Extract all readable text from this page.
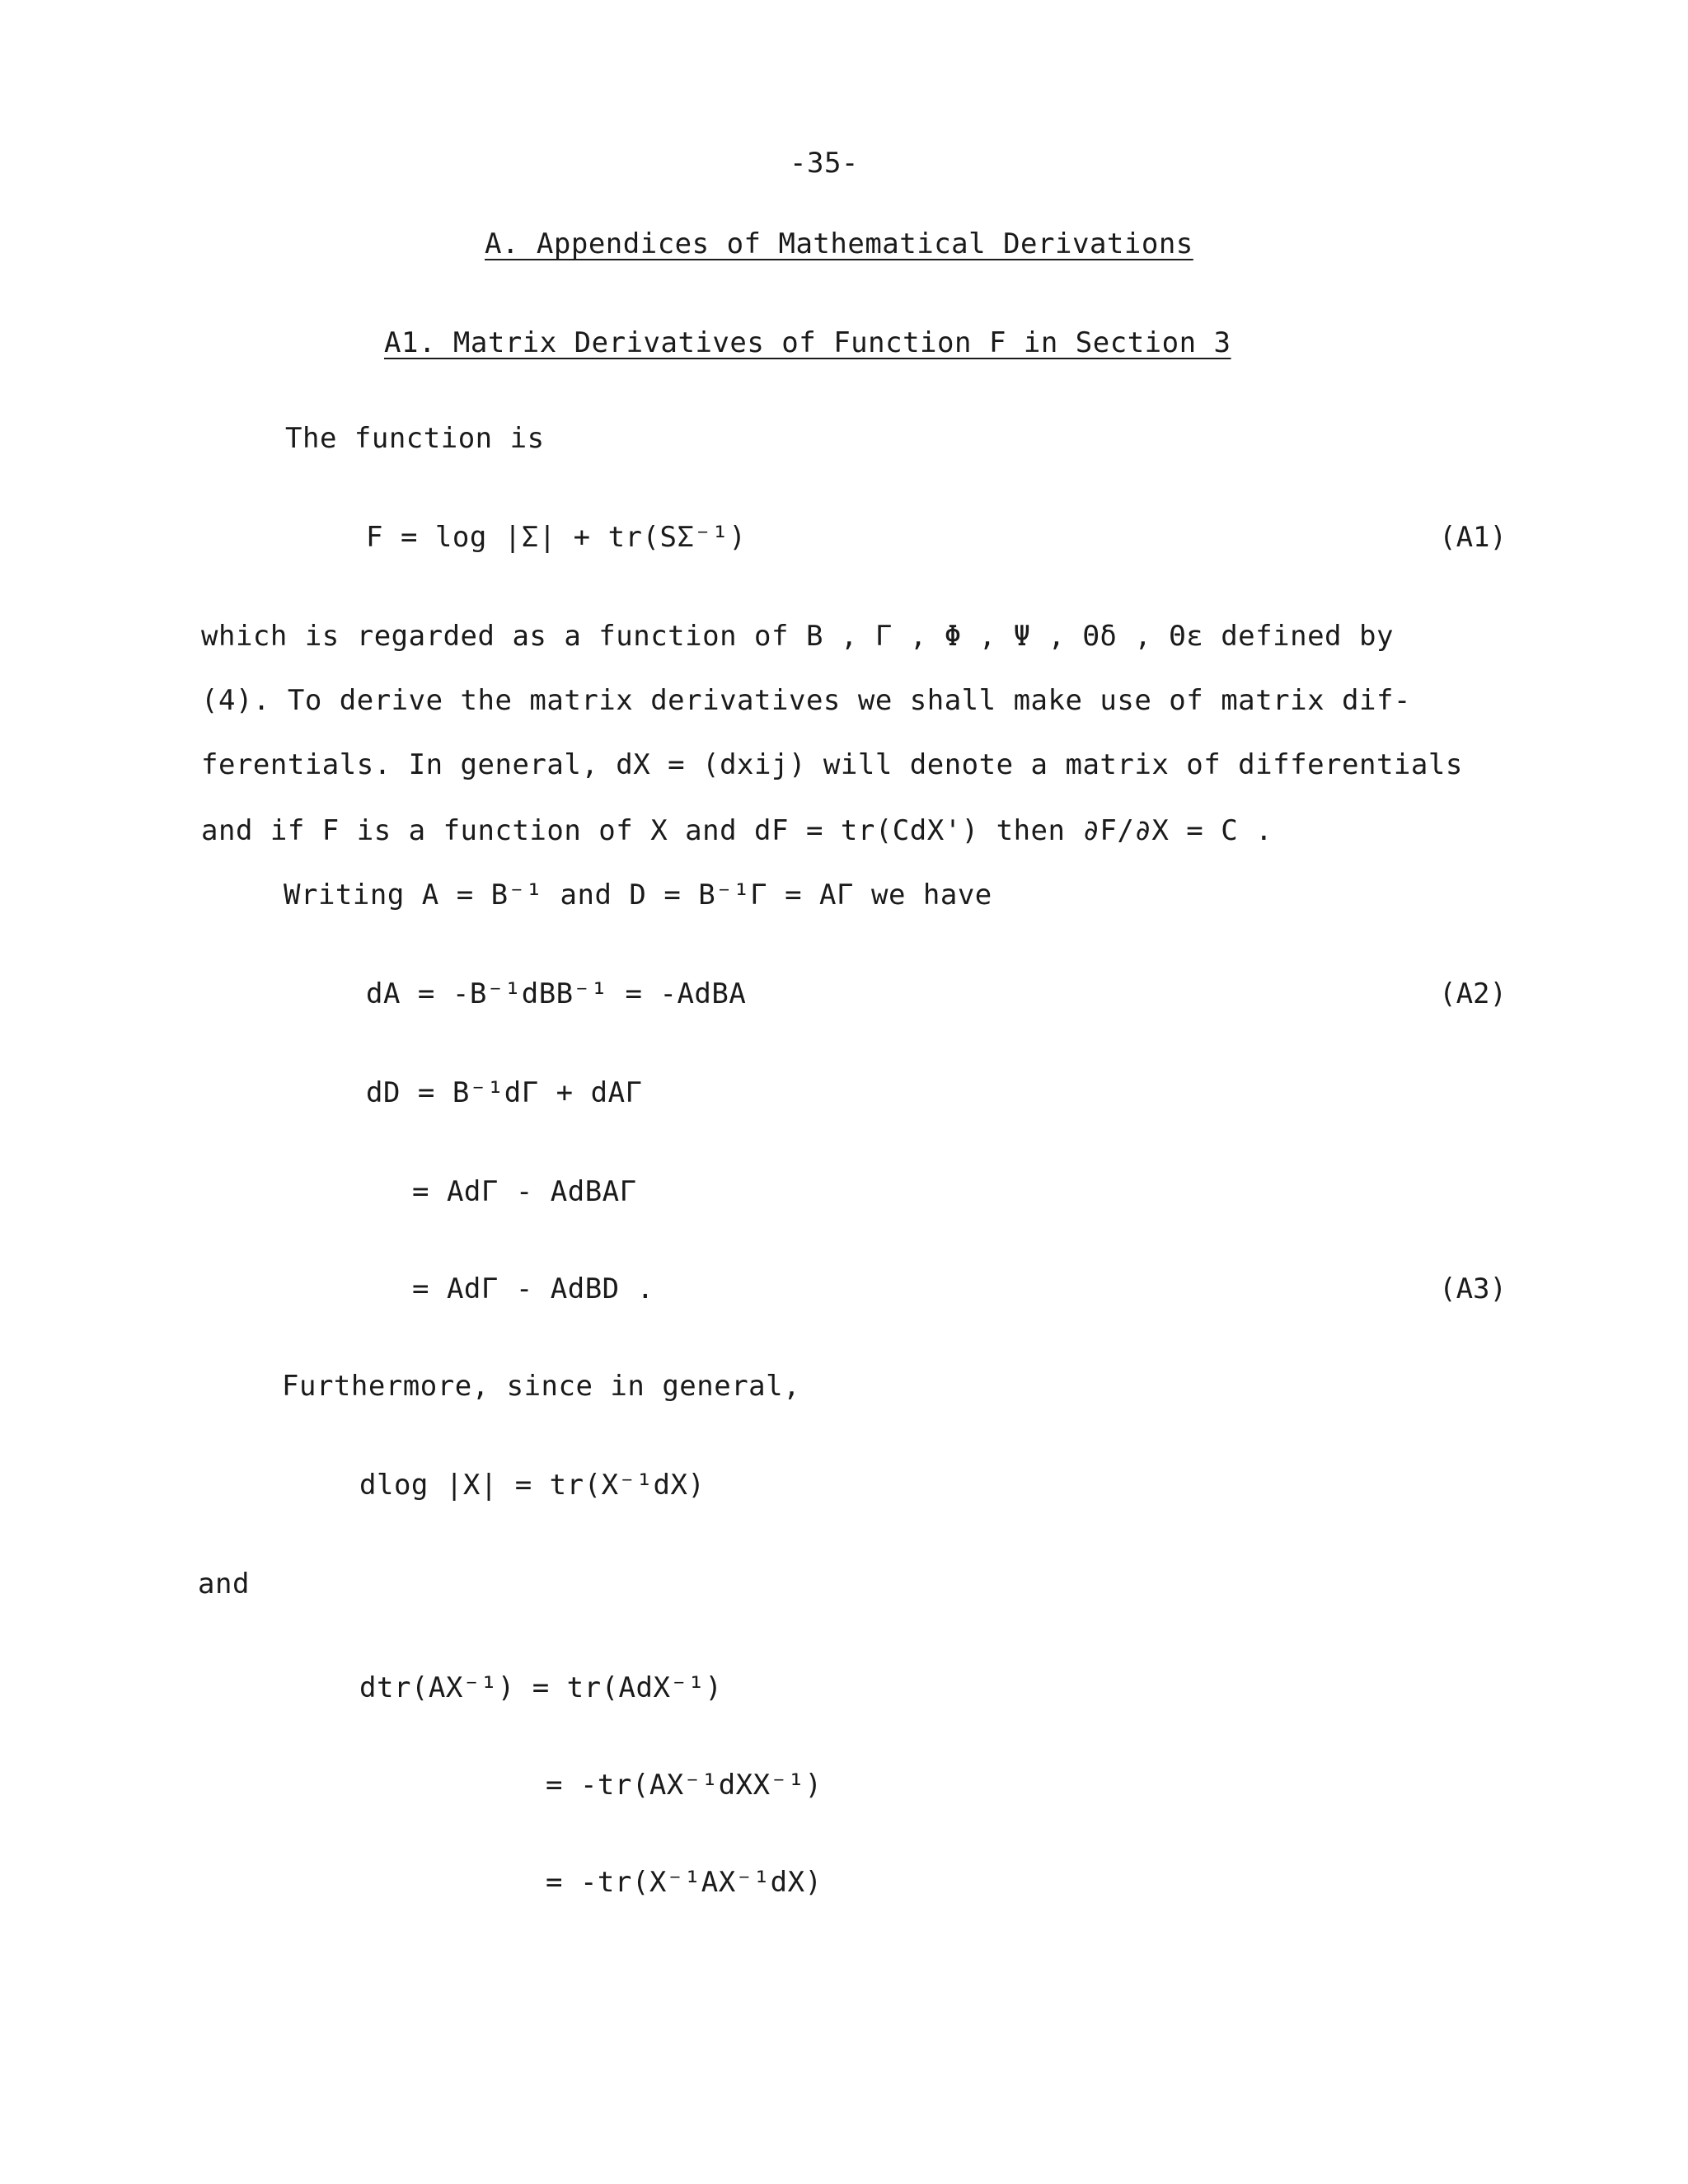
-35-
A. Appendices of Mathematical Derivations
A1. Matrix Derivatives of Function F in Section 3
The function is
F = log |Σ| + tr(SΣ⁻¹)	(A1)
which is regarded as a function of B , Γ , Φ , Ψ , Θδ , Θε defined by
(4). To derive the matrix derivatives we shall make use of matrix dif-
ferentials. In general, dX = (dxij) will denote a matrix of differentials
and if F is a function of X and dF = tr(CdX') then ∂F/∂X = C .
Writing A = B⁻¹ and D = B⁻¹Γ = AΓ we have
dA = -B⁻¹dBB⁻¹ = -AdBA	(A2)
dD = B⁻¹dΓ + dAΓ
= AdΓ - AdBAΓ
= AdΓ - AdBD .	(A3)
Furthermore, since in general,
dlog |X| = tr(X⁻¹dX)
and
dtr(AX⁻¹) = tr(AdX⁻¹)
= -tr(AX⁻¹dXX⁻¹)
= -tr(X⁻¹AX⁻¹dX)
